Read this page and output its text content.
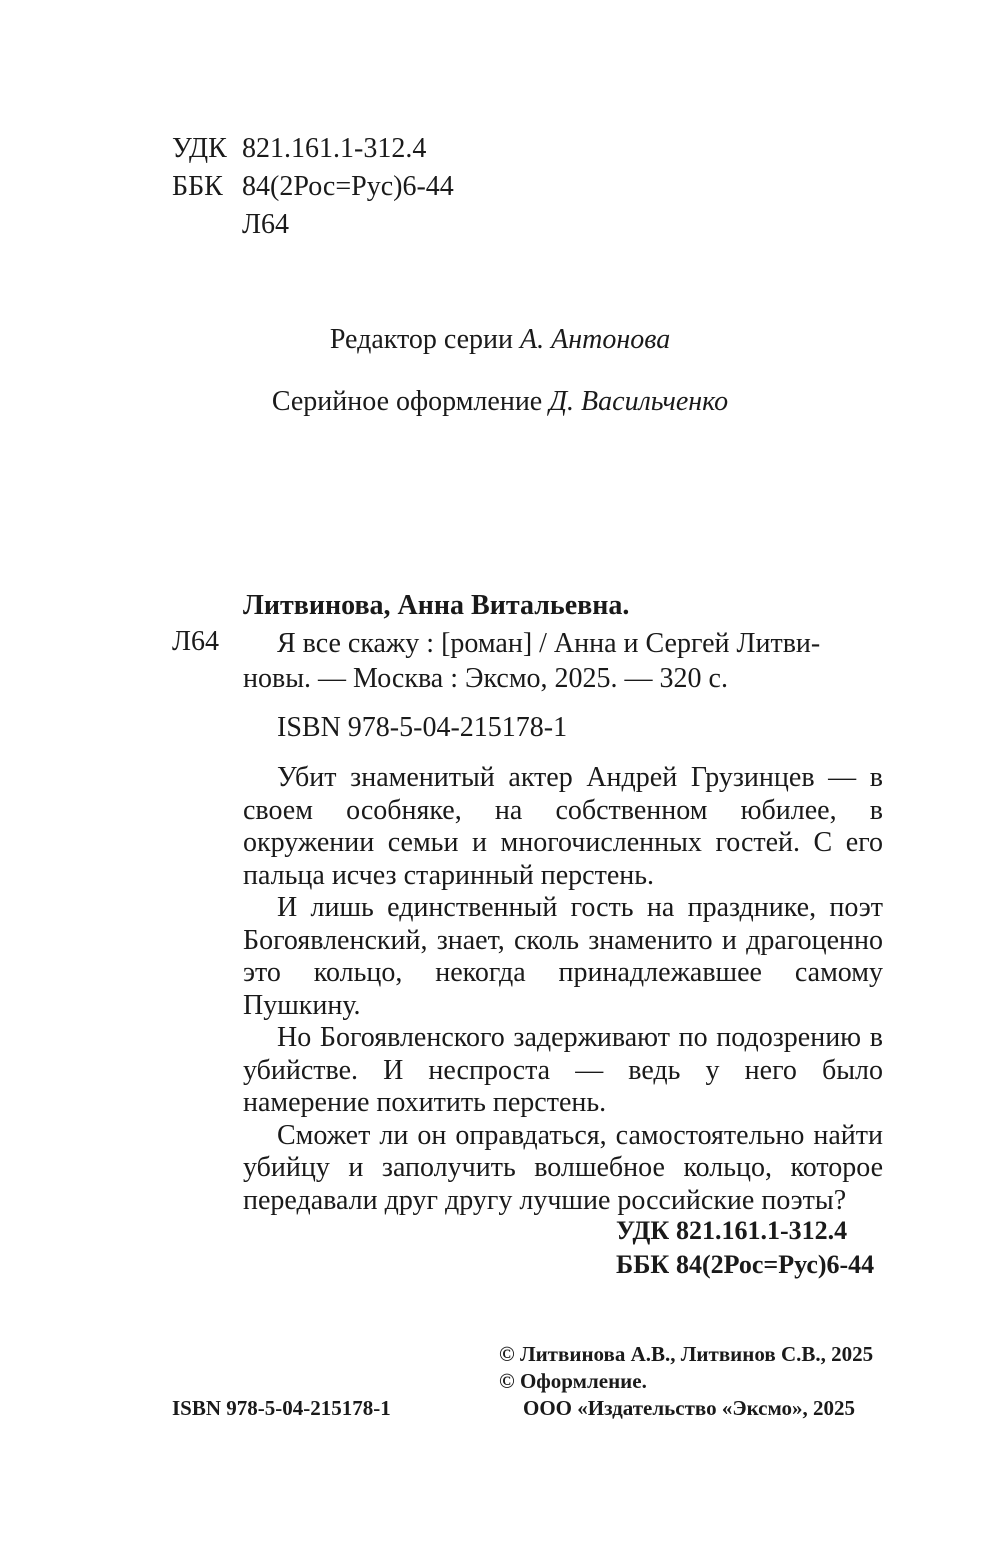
УДК 821.161.1-312.4
ББК 84(2Рос=Рус)6-44
Л64
Редактор серии А. Антонова
Серийное оформление Д. Васильченко
Литвинова, Анна Витальевна.
Л64	Я все скажу : [роман] / Анна и Сергей Литви-
новы. — Москва : Эксмо, 2025. — 320 с.
ISBN 978-5-04-215178-1

Убит знаменитый актер Андрей Грузинцев — в своем особняке, на собственном юбилее, в окружении семьи и многочисленных гостей. С его пальца исчез старинный перстень.

И лишь единственный гость на празднике, поэт Богоявленский, знает, сколь знаменито и драгоценно это кольцо, некогда принадлежавшее самому Пушкину.

Но Богоявленского задерживают по подозрению в убийстве. И неспроста — ведь у него было намерение похитить перстень.

Сможет ли он оправдаться, самостоятельно найти убийцу и заполучить волшебное кольцо, которое передавали друг другу лучшие российские поэты?

УДК 821.161.1-312.4
ББК 84(2Рос=Рус)6-44
© Литвинова А.В., Литвинов С.В., 2025
© Оформление.
ООО «Издательство «Эксмо», 2025
ISBN 978-5-04-215178-1
